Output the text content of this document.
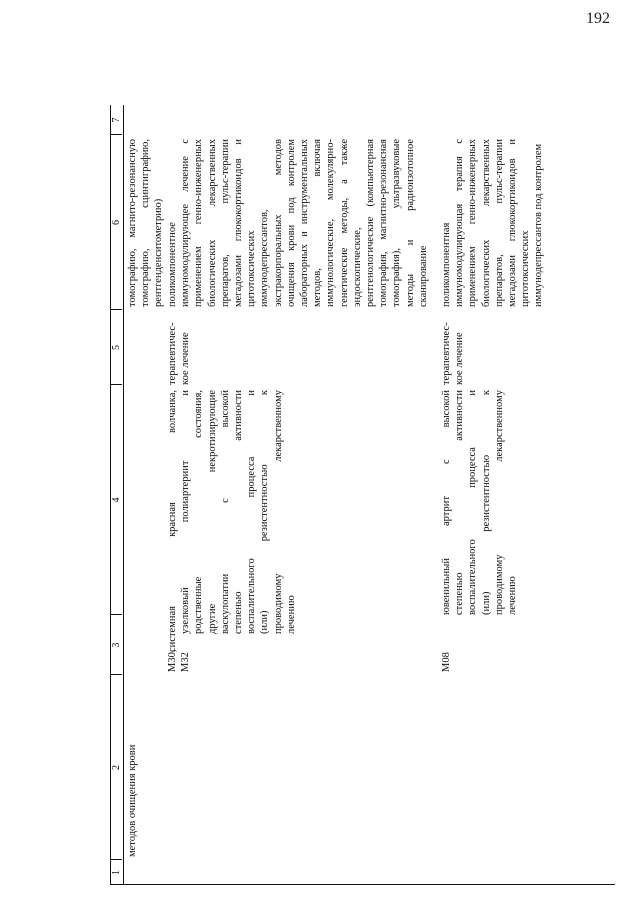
192
1
2
3
4
5
6
7
методов очищения крови
томографию, магнито-резонансную томографию, сцинтиграфию, рентгенденситометрию)
М30, М32
системная красная волчанка, узелковый полиартериит и родственные состояния, другие некротизирующие васкулопатии с высокой степенью активности воспалительного процесса и (или) резистентностью к проводимому лекарственному лечению
терапевтичес- кое лечение
поликомпонентное иммуномодулирующее лечение с применением генно-инженерных биологических лекарственных препаратов, пульс-терапии мегадозами глюкокортикоидов и цитотоксических иммунодепрессантов, экстракорпоральных методов очищения крови под контролем лабораторных и инструментальных методов, включая иммунологические, молекулярно- генетические методы, а также эндоскопические, рентгенологические (компьютерная томография, магнитно-резонансная томография), ультразвуковые методы и радиоизотопное сканирование
М08
ювенильный артрит с высокой степенью активности воспалительного процесса и (или) резистентностью к проводимому лекарственному лечению
терапевтичес- кое лечение
поликомпонентная иммуномодулирующая терапия с применением генно-инженерных биологических лекарственных препаратов, пульс-терапии мегадозами глюкокортикоидов и цитотоксических иммунодепрессантов под контролем
